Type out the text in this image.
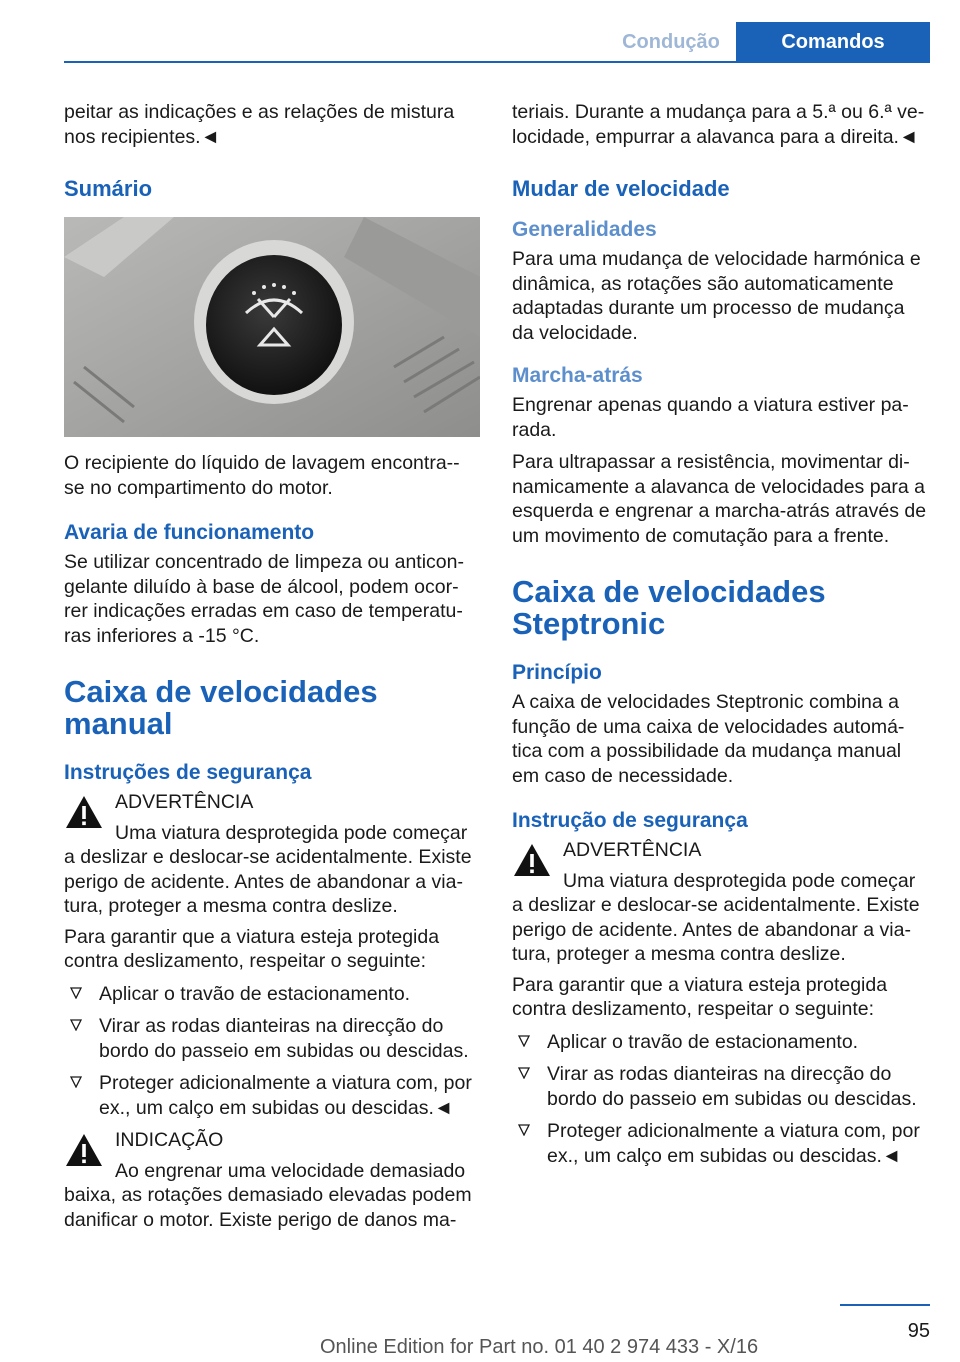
Condução	Comandos

peitar as indicações e as relações de mistura nos recipientes.◄

Sumário

O recipiente do líquido de lavagem encontra--se no compartimento do motor.

Avaria de funcionamento

Se utilizar concentrado de limpeza ou anticon-gelante diluído à base de álcool, podem ocor-rer indicações erradas em caso de temperatu-ras inferiores a -15 °C.

Caixa de velocidades manual
Instruções de segurança

ADVERTÊNCIA

Uma viatura desprotegida pode começar

a deslizar e deslocar-se acidentalmente. Existe perigo de acidente. Antes de abandonar a via-tura, proteger a mesma contra deslize.

Para garantir que a viatura esteja protegida contra deslizamento, respeitar o seguinte:

Aplicar o travão de estacionamento.
Virar as rodas dianteiras na direcção do bordo do passeio em subidas ou descidas.
Proteger adicionalmente a viatura com, por ex., um calço em subidas ou descidas.◄

INDICAÇÃO

Ao engrenar uma velocidade demasiado

baixa, as rotações demasiado elevadas podem danificar o motor. Existe perigo de danos ma-

teriais. Durante a mudança para a 5.ª ou 6.ª ve-locidade, empurrar a alavanca para a direita.◄

Mudar de velocidade
Generalidades

Para uma mudança de velocidade harmónica e dinâmica, as rotações são automaticamente adaptadas durante um processo de mudança da velocidade.

Marcha-atrás

Engrenar apenas quando a viatura estiver pa-rada.

Para ultrapassar a resistência, movimentar di-namicamente a alavanca de velocidades para a esquerda e engrenar a marcha-atrás através de um movimento de comutação para a frente.

Caixa de velocidades Steptronic
Princípio

A caixa de velocidades Steptronic combina a função de uma caixa de velocidades automá-tica com a possibilidade da mudança manual em caso de necessidade.

Instrução de segurança

ADVERTÊNCIA

Uma viatura desprotegida pode começar

a deslizar e deslocar-se acidentalmente. Existe perigo de acidente. Antes de abandonar a via-tura, proteger a mesma contra deslize.

Para garantir que a viatura esteja protegida contra deslizamento, respeitar o seguinte:

Aplicar o travão de estacionamento.
Virar as rodas dianteiras na direcção do bordo do passeio em subidas ou descidas.
Proteger adicionalmente a viatura com, por ex., um calço em subidas ou descidas.◄
95
Online Edition for Part no. 01 40 2 974 433 - X/16
